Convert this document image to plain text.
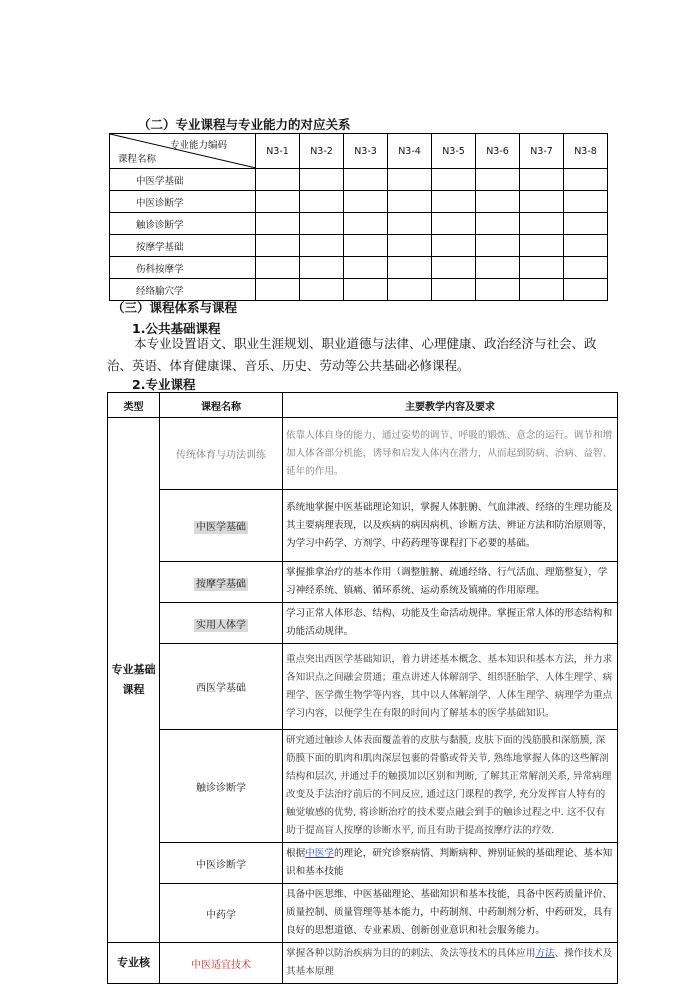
（二）专业课程与专业能力的对应关系
专业能力编码
课程名称	N3-1	N3-2	N3-3	N3-4	N3-5	N3-6	N3-7	N3-8
中医学基础								
中医诊断学								
触诊诊断学								
按摩学基础								
伤科按摩学								
经络腧穴学								
（三）课程体系与课程
1.公共基础课程
本专业设置语文、职业生涯规划、职业道德与法律、心理健康、政治经济与社会、政治、英语、体育健康课、音乐、历史、劳动等公共基础必修课程。
2.专业课程
类型	课程名称	主要教学内容及要求
专业基础课程	传统体育与功法训练	依靠人体自身的能力，通过姿势的调节、呼吸的锻炼、意念的运行。调节和增加人体各部分机能，诱导和启发人体内在潜力，从而起到防病、治病、益智、延年的作用。
	中医学基础	系统地掌握中医基础理论知识，掌握人体脏腑、气血津液、经络的生理功能及其主要病理表现，以及疾病的病因病机、诊断方法、辨证方法和防治原则等，为学习中药学、方剂学、中药药理等课程打下必要的基础。
	按摩学基础	掌握推拿治疗的基本作用（调整脏腑、疏通经络、行气活血、理筋整复），学习神经系统、镇痛、循环系统、运动系统及镇痛的作用原理。
	实用人体学	学习正常人体形态、结构、功能及生命活动规律。掌握正常人体的形态结构和功能活动规律。
	西医学基础	重点突出西医学基础知识，着力讲述基本概念、基本知识和基本方法，并力求各知识点之间融会贯通；重点讲述人体解剖学、组织胚胎学、人体生理学、病理学、医学微生物学等内容，其中以人体解剖学、人体生理学、病理学为重点学习内容，以便学生在有限的时间内了解基本的医学基础知识。
	触诊诊断学	研究通过触诊人体表面覆盖着的皮肤与黏膜, 皮肤下面的浅筋膜和深筋膜, 深筋膜下面的肌肉和肌肉深层包裹的骨骼或骨关节, 熟练地掌握人体的这些解剖结构和层次, 并通过手的触摸加以区别和判断, 了解其正常解剖关系, 异常病理改变及手法治疗前后的不同反应, 通过这门课程的教学, 充分发挥盲人特有的触觉敏感的优势, 将诊断治疗的技术要点融会到手的触诊过程之中. 这不仅有助于提高盲人按摩的诊断水平, 而且有助于提高按摩疗法的疗效.
	中医诊断学	根据中医学的理论，研究诊察病情、判断病种、辨别证候的基础理论、基本知识和基本技能
	中药学	具备中医思维、中医基础理论、基础知识和基本技能，具备中医药质量评价、质量控制、质量管理等基本能力，中药制剂、中药制剂分析、中药研发，具有良好的思想道德、专业素质、创新创业意识和社会服务能力。
专业核	中医适宜技术	掌握各种以防治疾病为目的的刺法、灸法等技术的具体应用方法、操作技术及其基本原理
